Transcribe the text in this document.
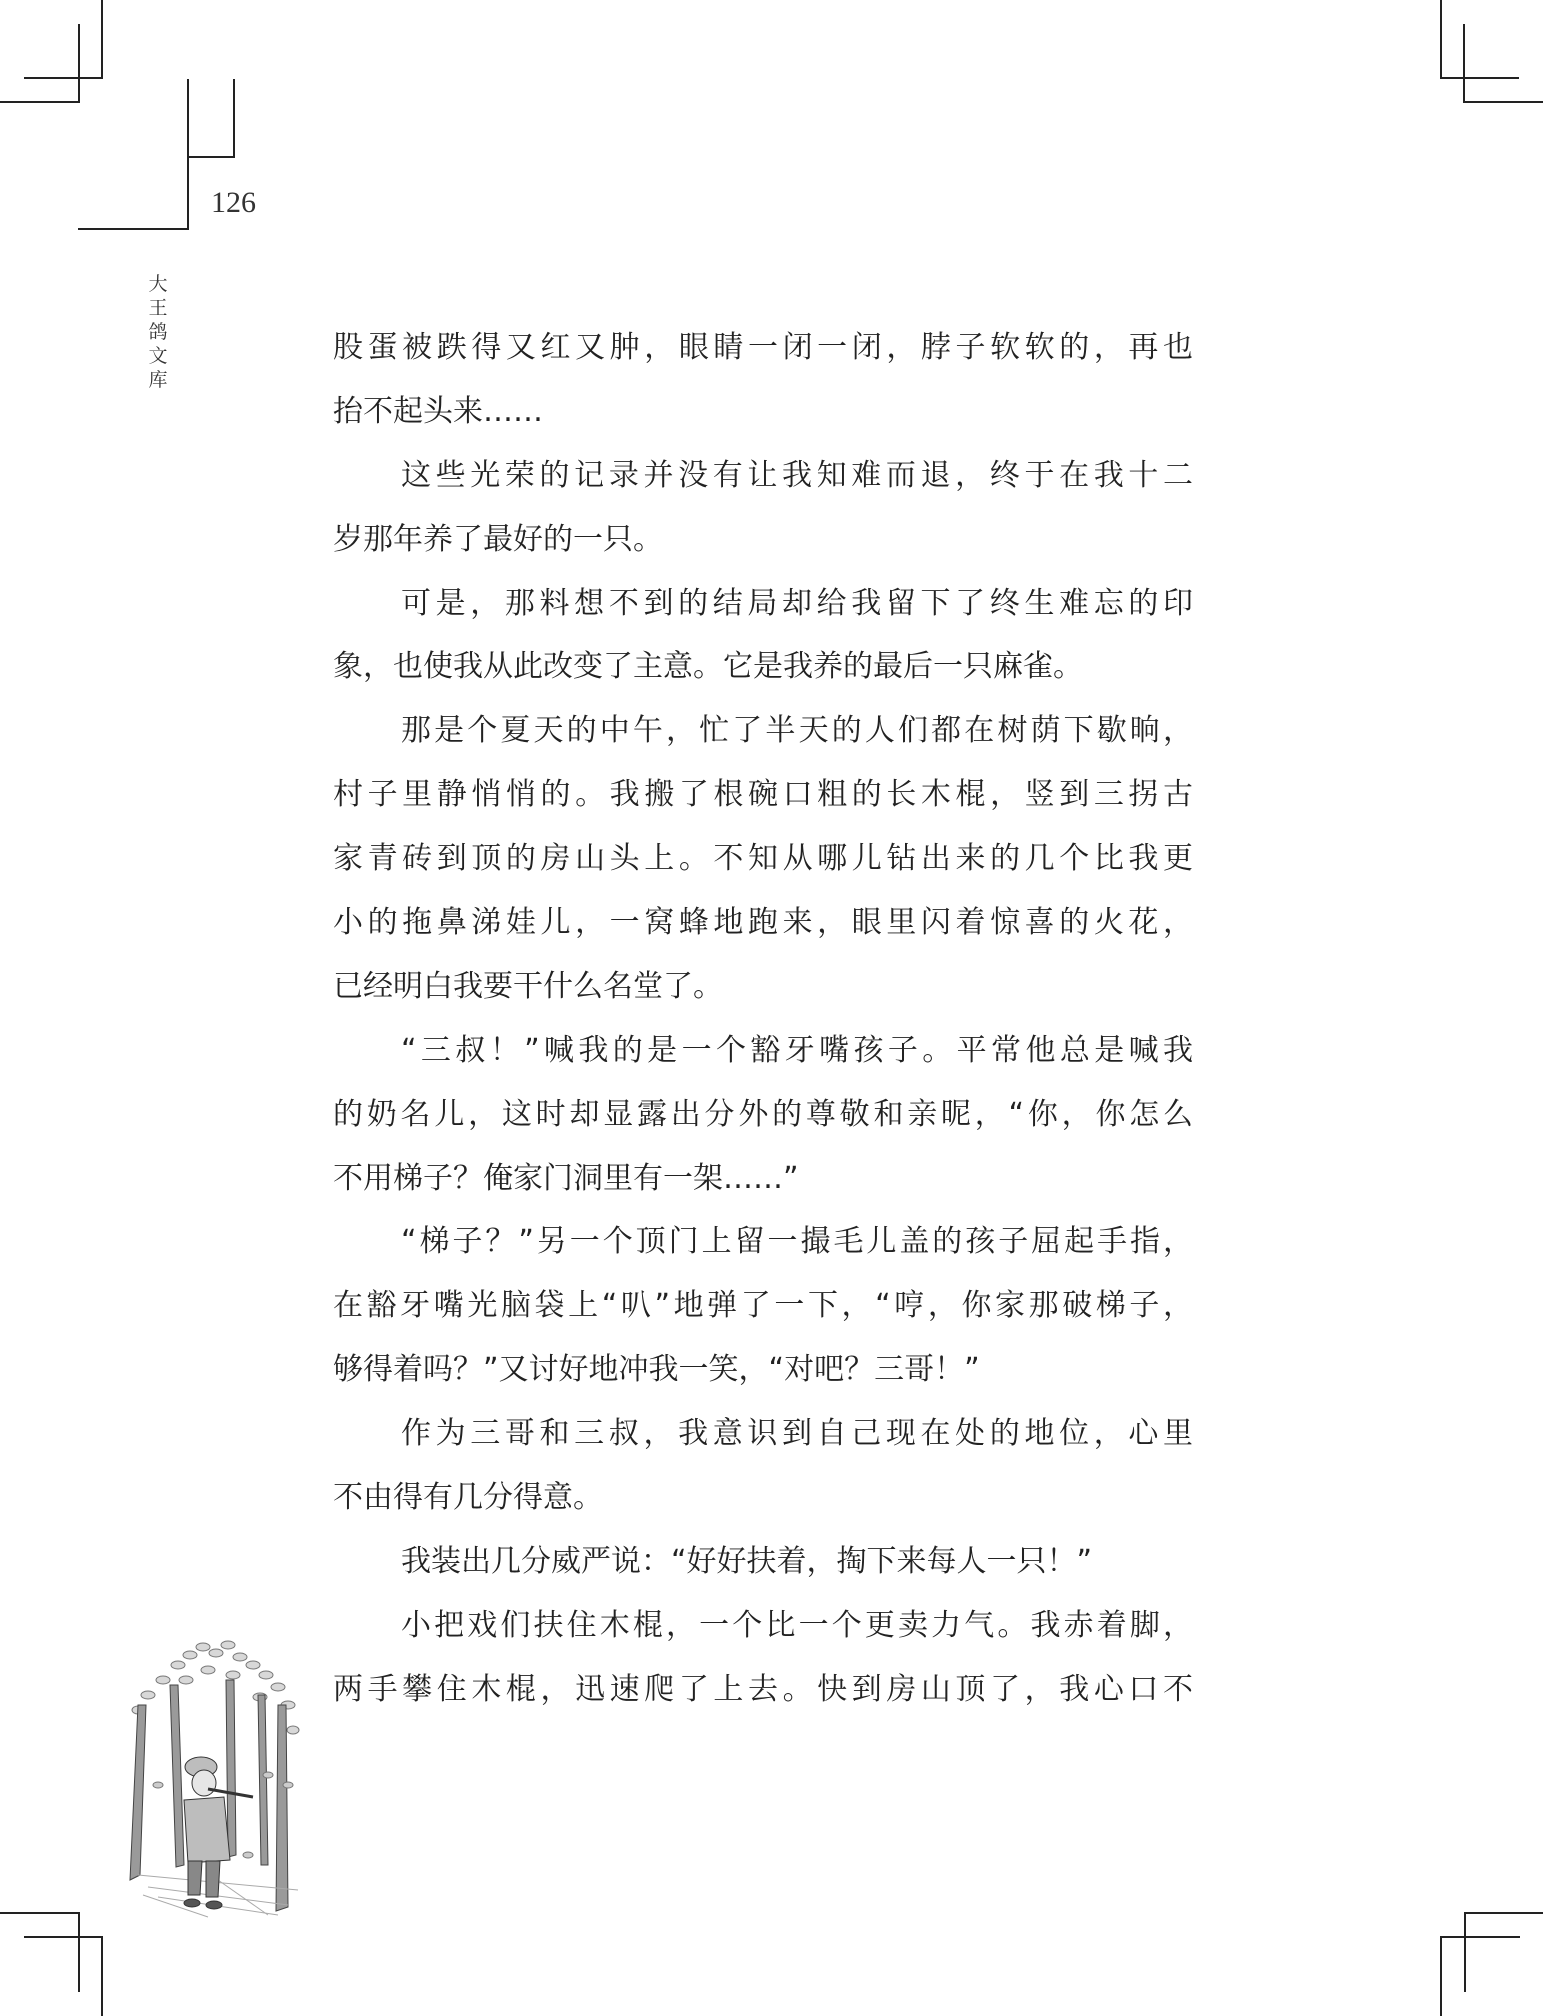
126
大王鸽文库
股蛋被跌得又红又肿，眼睛一闭一闭，脖子软软的，再也
抬不起头来……
这些光荣的记录并没有让我知难而退，终于在我十二
岁那年养了最好的一只。
可是，那料想不到的结局却给我留下了终生难忘的印
象，也使我从此改变了主意。它是我养的最后一只麻雀。
那是个夏天的中午，忙了半天的人们都在树荫下歇晌，
村子里静悄悄的。我搬了根碗口粗的长木棍，竖到三拐古
家青砖到顶的房山头上。不知从哪儿钻出来的几个比我更
小的拖鼻涕娃儿，一窝蜂地跑来，眼里闪着惊喜的火花，
已经明白我要干什么名堂了。
“三叔！”喊我的是一个豁牙嘴孩子。平常他总是喊我
的奶名儿，这时却显露出分外的尊敬和亲昵，“你，你怎么
不用梯子？俺家门洞里有一架……”
“梯子？”另一个顶门上留一撮毛儿盖的孩子屈起手指，
在豁牙嘴光脑袋上“叭”地弹了一下，“哼，你家那破梯子，
够得着吗？”又讨好地冲我一笑，“对吧？三哥！”
作为三哥和三叔，我意识到自己现在处的地位，心里
不由得有几分得意。
我装出几分威严说：“好好扶着，掏下来每人一只！”
小把戏们扶住木棍，一个比一个更卖力气。我赤着脚，
两手攀住木棍，迅速爬了上去。快到房山顶了，我心口不
